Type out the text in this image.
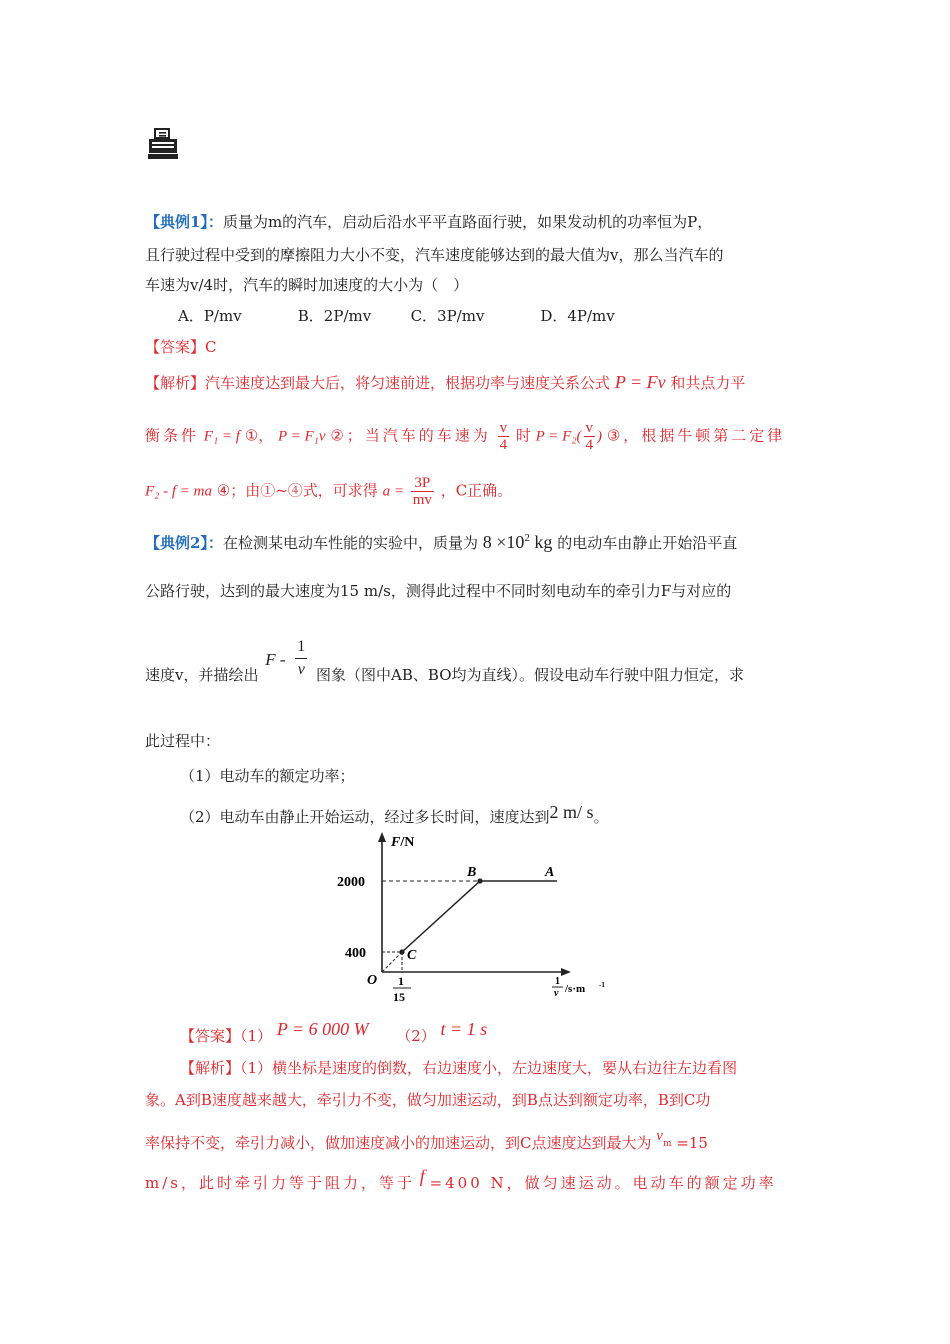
【典例1】：质量为m的汽车，启动后沿水平平直路面行驶，如果发动机的功率恒为P，
且行驶过程中受到的摩擦阻力大小不变，汽车速度能够达到的最大值为v，那么当汽车的
车速为v/4时，汽车的瞬时加速度的大小为（　）
A．P/mv	B．2P/mv	C．3P/mv	D．4P/mv
【答案】C
【解析】汽车速度达到最大后，将匀速前进，根据功率与速度关系公式 P = Fv 和共点力平
衡条件 F₁ = f ①， P = F₁v ②；当汽车的车速为 $\frac{v}{4}$ 时 $P = F_2( \frac{v}{4}$ ) ③，根据牛顿第二定律
F₂ - f = ma ④；由①~④式，可求得 $a = \frac{3P}{mv}$ ，C正确。
【典例2】：在检测某电动车性能的实验中，质量为 $8 \times 10^2$ kg 的电动车由静止开始沿平直
公路行驶，达到的最大速度为15 m/s，测得此过程中不同时刻电动车的牵引力F与对应的
速度v，并描绘出
F - $\frac{1}{v}$ 图象（图中AB、BO均为直线）。假设电动车行驶中阻力恒定，求
此过程中：
（1）电动车的额定功率；
（2）电动车由静止开始运动，经过多长时间，速度达到2 m/ s。
F/N
2000
400
B	A
C
O 1
15
1
v /s·m -1
【答案】（1） P = 6 000 W （2） t = 1 s
【解析】（1）横坐标是速度的倒数，右边速度小，左边速度大，要从右边往左边看图
象。A到B速度越来越大，牵引力不变，做匀加速运动，到B点达到额定功率，B到C功
率保持不变，牵引力减小，做加速度减小的加速运动，到C点速度达到最大为 $v_m =15$
m/s，此时牵引力等于阻力，等于 f =400 N，做匀速运动。电动车的额定功率
